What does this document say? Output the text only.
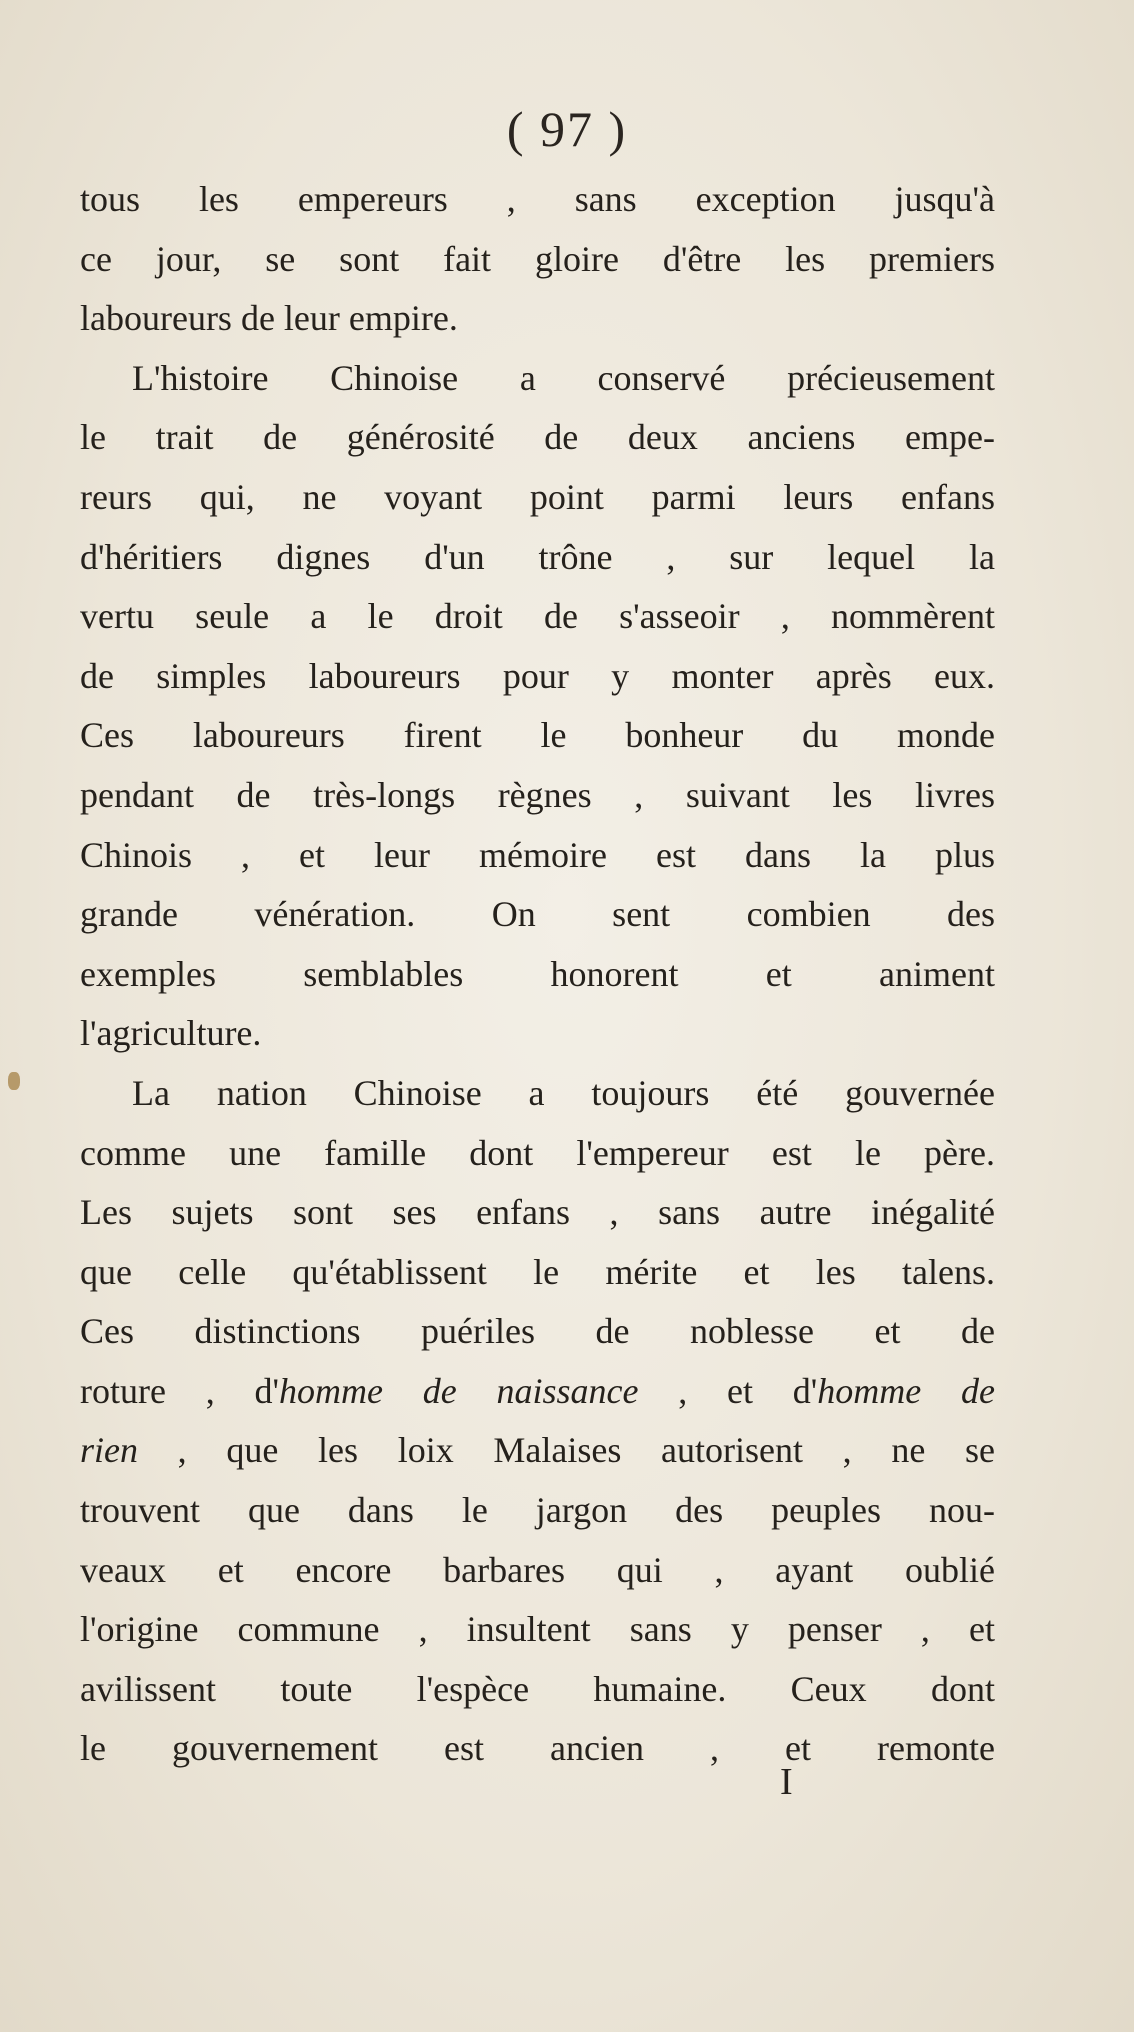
( 97 )
tous les empereurs , sans exception jusqu'à
ce jour, se sont fait gloire d'être les premiers
laboureurs de leur empire.
L'histoire Chinoise a conservé précieusement
le trait de générosité de deux anciens empe-
reurs qui, ne voyant point parmi leurs enfans
d'héritiers dignes d'un trône , sur lequel la
vertu seule a le droit de s'asseoir , nommèrent
de simples laboureurs pour y monter après eux.
Ces laboureurs firent le bonheur du monde
pendant de très-longs règnes , suivant les livres
Chinois , et leur mémoire est dans la plus
grande vénération. On sent combien des
exemples semblables honorent et animent
l'agriculture.
La nation Chinoise a toujours été gouvernée
comme une famille dont l'empereur est le père.
Les sujets sont ses enfans , sans autre inégalité
que celle qu'établissent le mérite et les talens.
Ces distinctions puériles de noblesse et de
roture , d'homme de naissance , et d'homme de
rien , que les loix Malaises autorisent , ne se
trouvent que dans le jargon des peuples nou-
veaux et encore barbares qui , ayant oublié
l'origine commune , insultent sans y penser , et
avilissent toute l'espèce humaine. Ceux dont
le gouvernement est ancien , et remonte
I
